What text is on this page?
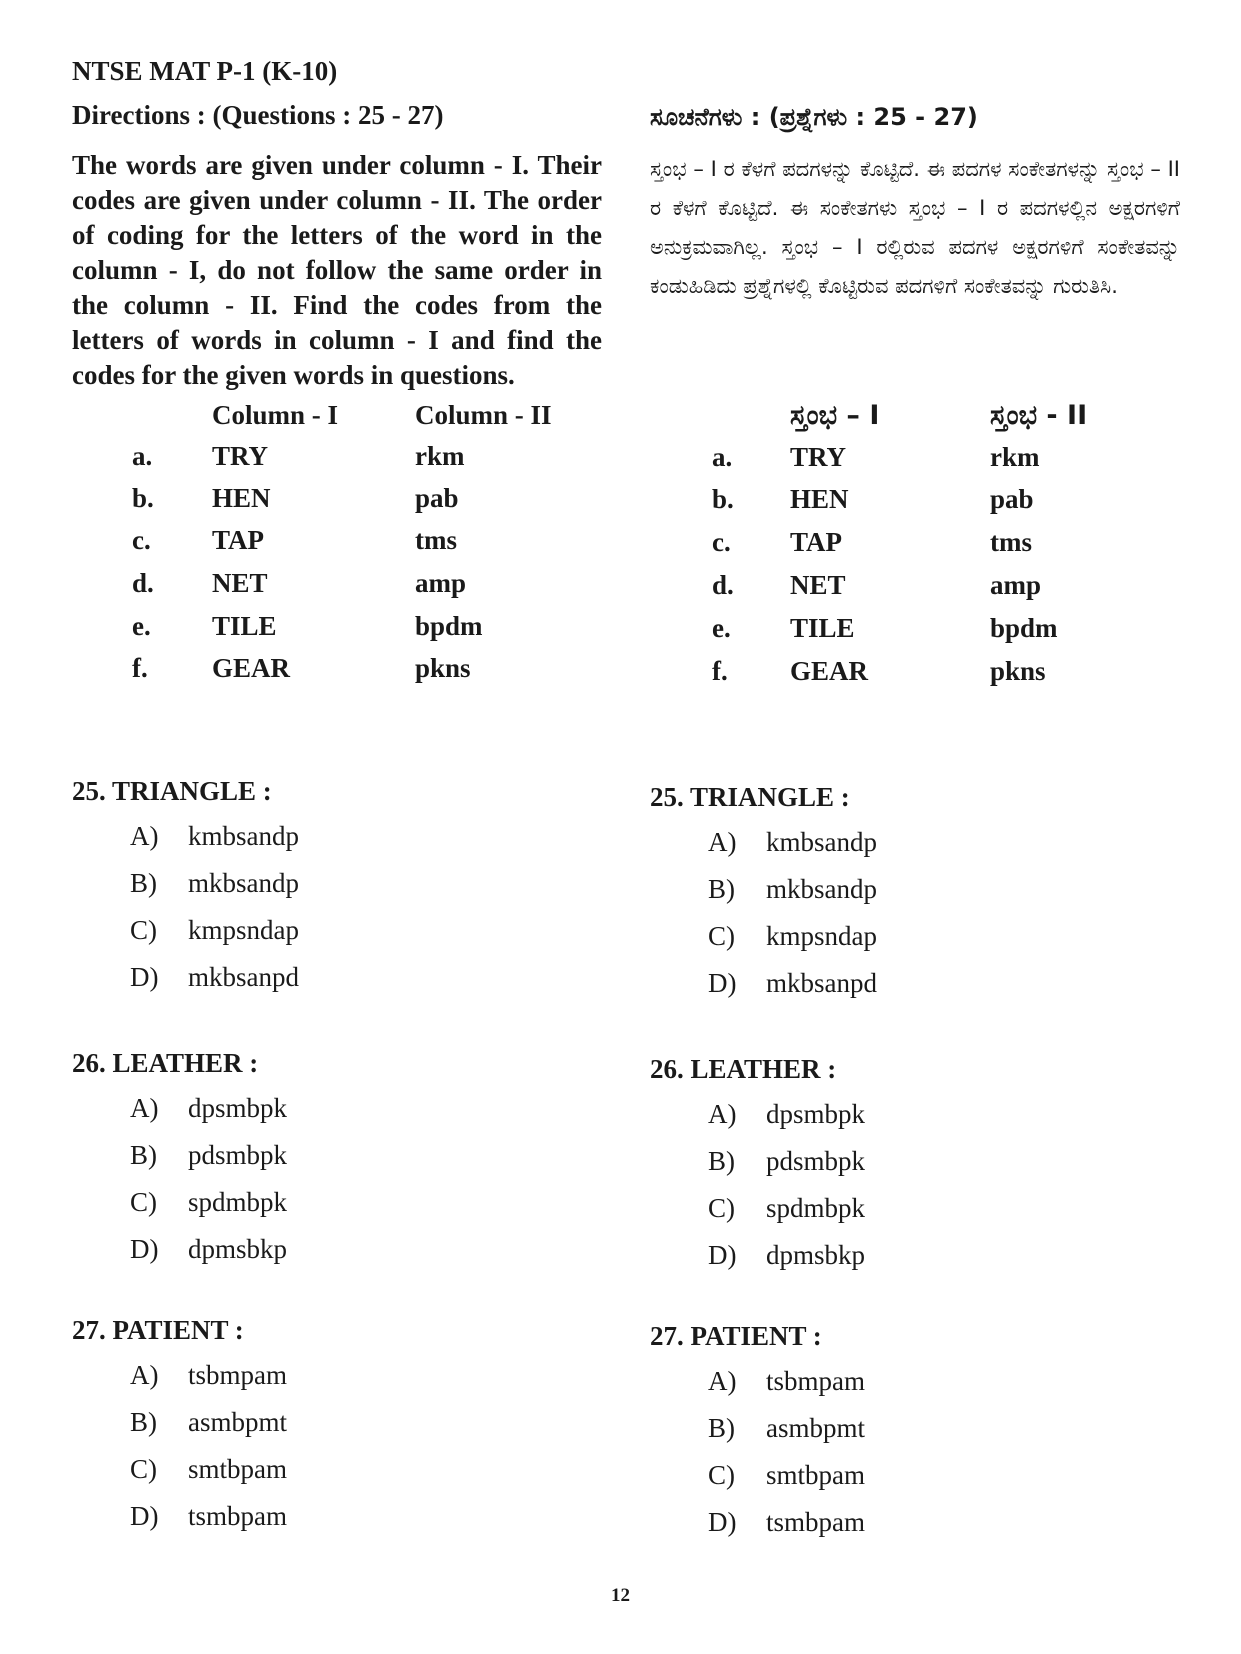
NTSE MAT P-1 (K-10)
Directions : (Questions : 25 - 27)
The words are given under column - I. Their codes are given under column - II. The order of coding for the letters of the word in the column - I, do not follow the same order in the column - II. Find the codes from the letters of words in column - I and find the codes for the given words in questions.
Column - I	Column - II
a. TRY	rkm
b. HEN	pab
c. TAP	tms
d. NET	amp
e. TILE	bpdm
f. GEAR	pkns
25. TRIANGLE :
A) kmbsandp
B) mkbsandp
C) kmpsndap
D) mkbsanpd
26. LEATHER :
A) dpsmbpk
B) pdsmbpk
C) spdmbpk
D) dpmsbkp
27. PATIENT :
A) tsbmpam
B) asmbpmt
C) smtbpam
D) tsmbpam
ಸೂಚನೆಗಳು : (ಪ್ರಶ್ನೆಗಳು : 25 - 27)
ಸ್ತಂಭ – I ರ ಕೆಳಗೆ ಪದಗಳನ್ನು ಕೊಟ್ಟಿದೆ. ಈ ಪದಗಳ ಸಂಕೇತಗಳನ್ನು ಸ್ತಂಭ – II ರ ಕೆಳಗೆ ಕೊಟ್ಟಿದೆ. ಈ ಸಂಕೇತಗಳು ಸ್ತಂಭ – I ರ ಪದಗಳಲ್ಲಿನ ಅಕ್ಷರಗಳಿಗೆ ಅನುಕ್ರಮವಾಗಿಲ್ಲ. ಸ್ತಂಭ – I ರಲ್ಲಿರುವ ಪದಗಳ ಅಕ್ಷರಗಳಿಗೆ ಸಂಕೇತವನ್ನು ಕಂಡುಹಿಡಿದು ಪ್ರಶ್ನೆಗಳಲ್ಲಿ ಕೊಟ್ಟಿರುವ ಪದಗಳಿಗೆ ಸಂಕೇತವನ್ನು ಗುರುತಿಸಿ.
ಸ್ತಂಭ – I	ಸ್ತಂಭ - II
a. TRY	rkm
b. HEN	pab
c. TAP	tms
d. NET	amp
e. TILE	bpdm
f. GEAR	pkns
25. TRIANGLE :
A) kmbsandp
B) mkbsandp
C) kmpsndap
D) mkbsanpd
26. LEATHER :
A) dpsmbpk
B) pdsmbpk
C) spdmbpk
D) dpmsbkp
27. PATIENT :
A) tsbmpam
B) asmbpmt
C) smtbpam
D) tsmbpam
12
